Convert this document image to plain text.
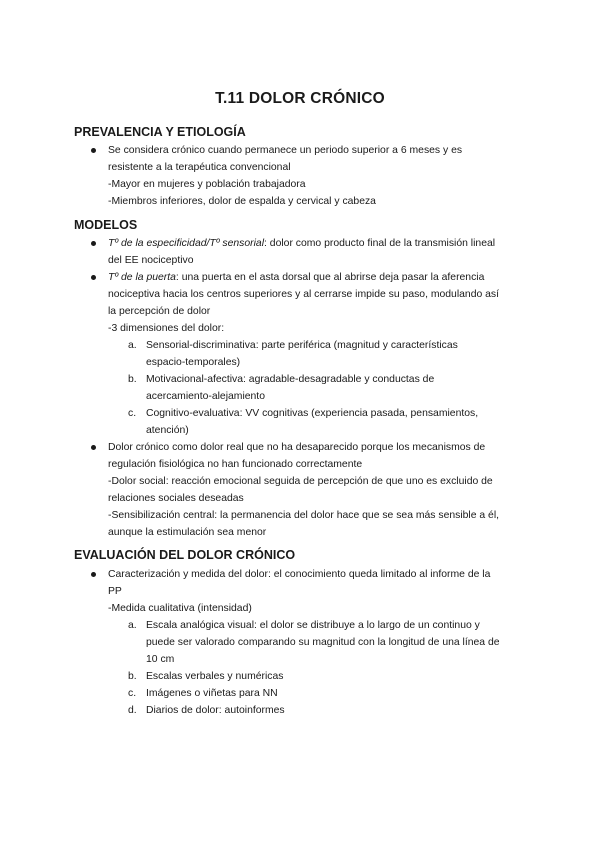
T.11 DOLOR CRÓNICO
PREVALENCIA Y ETIOLOGÍA
Se considera crónico cuando permanece un periodo superior a 6 meses y es
resistente a la terapéutica convencional
-Mayor en mujeres y población trabajadora
-Miembros inferiores, dolor de espalda y cervical y cabeza
MODELOS
Tº de la especificidad/Tº sensorial: dolor como producto final de la transmisión lineal
del EE nociceptivo
Tº de la puerta: una puerta en el asta dorsal que al abrirse deja pasar la aferencia
nociceptiva hacia los centros superiores y al cerrarse impide su paso, modulando así
la percepción de dolor
-3 dimensiones del dolor:
a. Sensorial-discriminativa: parte periférica (magnitud y características
espacio-temporales)
b. Motivacional-afectiva: agradable-desagradable y conductas de
acercamiento-alejamiento
c. Cognitivo-evaluativa: VV cognitivas (experiencia pasada, pensamientos,
atención)
Dolor crónico como dolor real que no ha desaparecido porque los mecanismos de
regulación fisiológica no han funcionado correctamente
-Dolor social: reacción emocional seguida de percepción de que uno es excluido de
relaciones sociales deseadas
-Sensibilización central: la permanencia del dolor hace que se sea más sensible a él,
aunque la estimulación sea menor
EVALUACIÓN DEL DOLOR CRÓNICO
Caracterización y medida del dolor: el conocimiento queda limitado al informe de la
PP
-Medida cualitativa (intensidad)
a. Escala analógica visual: el dolor se distribuye a lo largo de un continuo y
puede ser valorado comparando su magnitud con la longitud de una línea de
10 cm
b. Escalas verbales y numéricas
c. Imágenes o viñetas para NN
d. Diarios de dolor: autoinformes
